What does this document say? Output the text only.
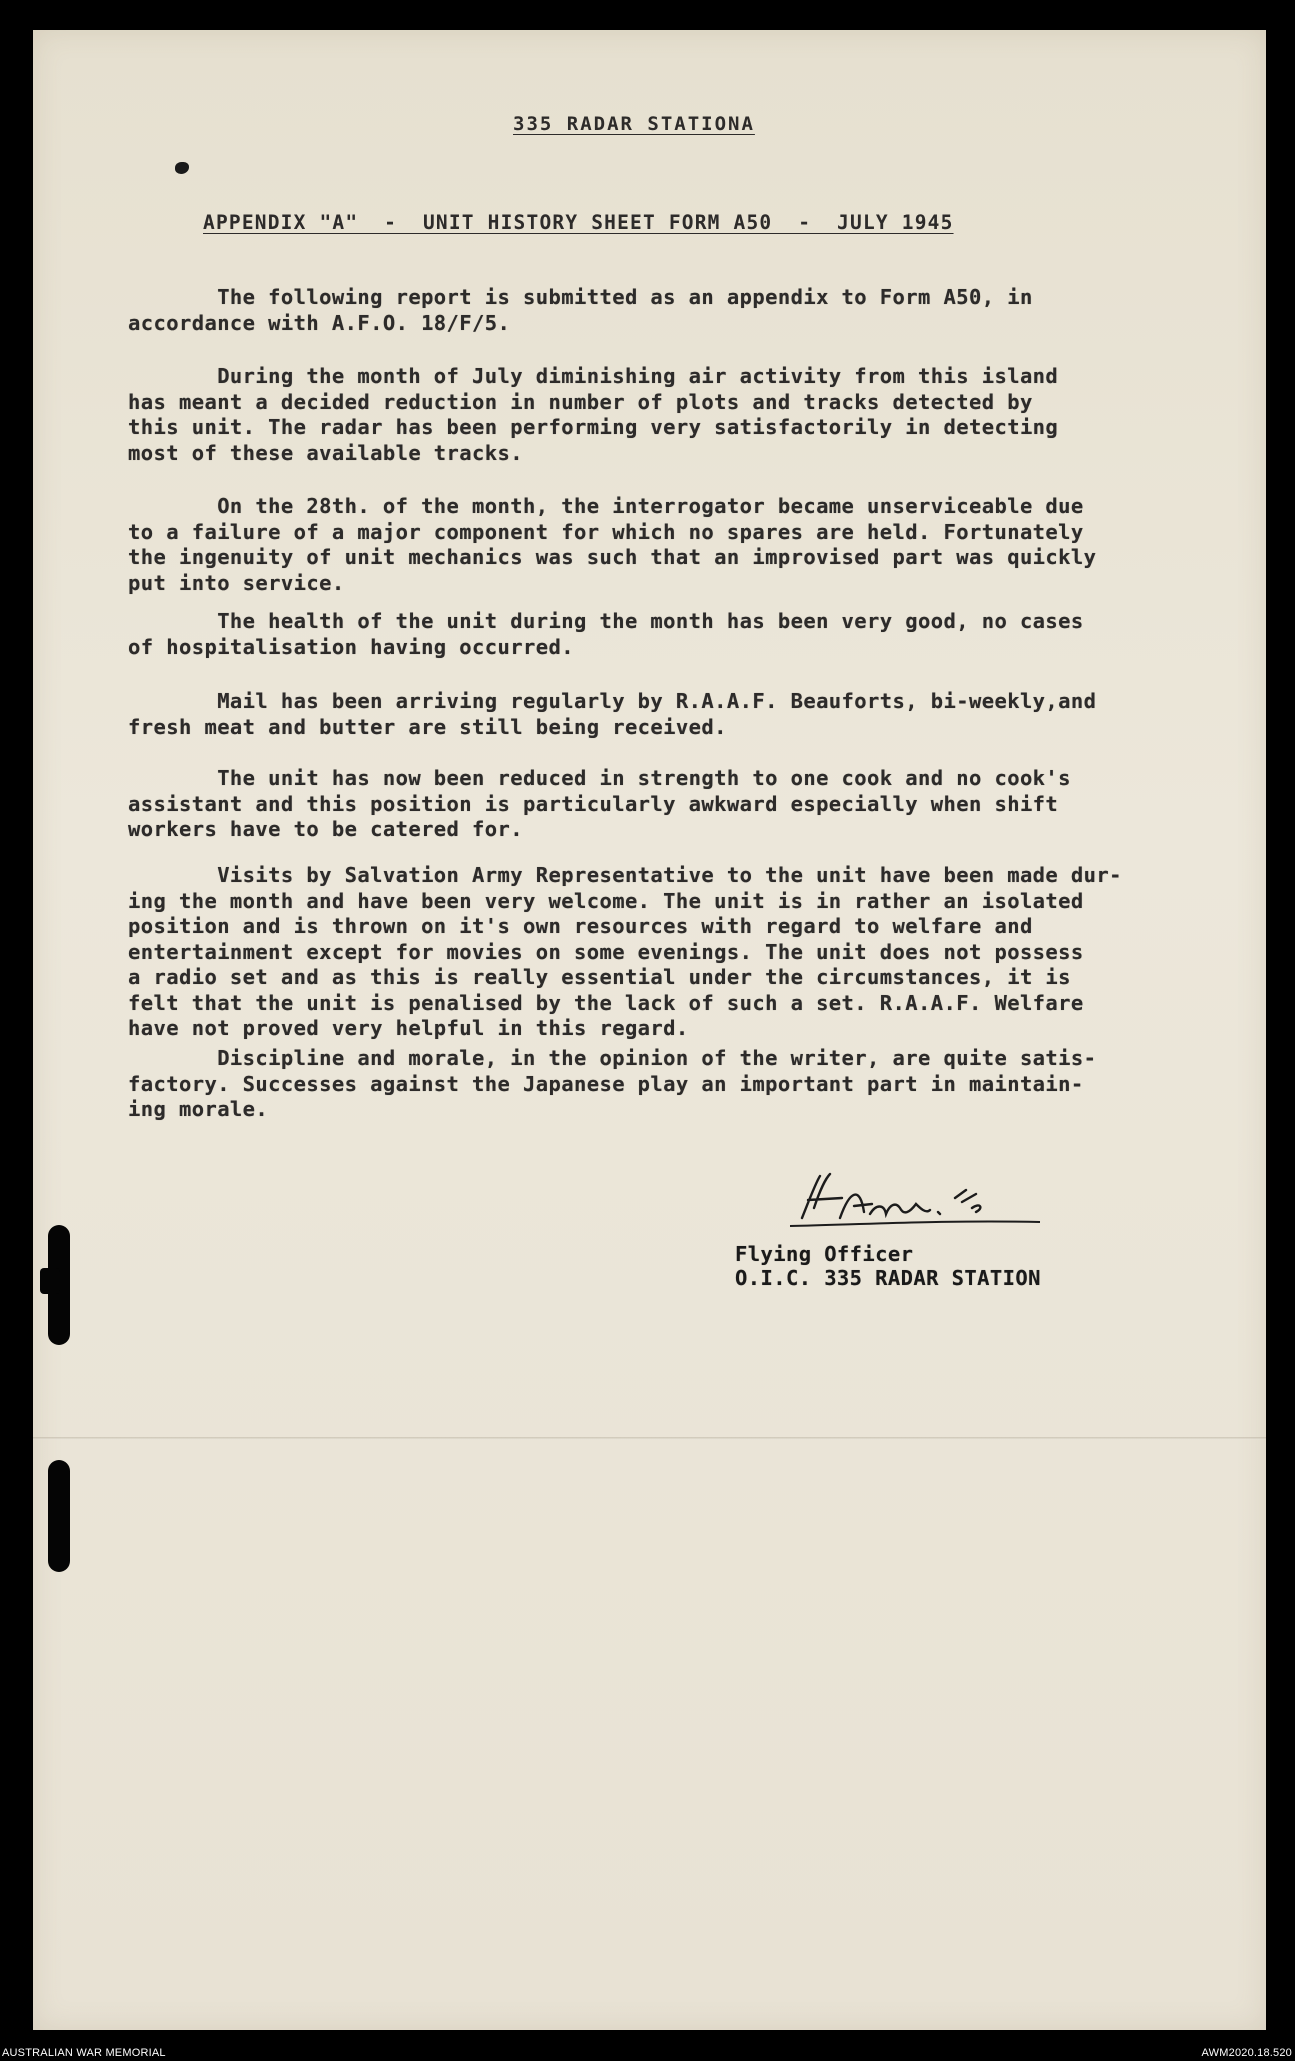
335 RADAR STATIONA
APPENDIX "A"  -  UNIT HISTORY SHEET FORM A50  -  JULY 1945
The following report is submitted as an appendix to Form A50, in
accordance with A.F.O. 18/F/5.
During the month of July diminishing air activity from this island
has meant a decided reduction in number of plots and tracks detected by
this unit. The radar has been performing very satisfactorily in detecting
most of these available tracks.
On the 28th. of the month, the interrogator became unserviceable due
to a failure of a major component for which no spares are held. Fortunately
the ingenuity of unit mechanics was such that an improvised part was quickly
put into service.
The health of the unit during the month has been very good, no cases
of hospitalisation having occurred.
Mail has been arriving regularly by R.A.A.F. Beauforts, bi-weekly,and
fresh meat and butter are still being received.
The unit has now been reduced in strength to one cook and no cook's
assistant and this position is particularly awkward especially when shift
workers have to be catered for.
Visits by Salvation Army Representative to the unit have been made dur-
ing the month and have been very welcome. The unit is in rather an isolated
position and is thrown on it's own resources with regard to welfare and
entertainment except for movies on some evenings. The unit does not possess
a radio set and as this is really essential under the circumstances, it is
felt that the unit is penalised by the lack of such a set. R.A.A.F. Welfare
have not proved very helpful in this regard.
Discipline and morale, in the opinion of the writer, are quite satis-
factory. Successes against the Japanese play an important part in maintain-
ing morale.
Flying Officer
O.I.C. 335 RADAR STATION
AUSTRALIAN WAR MEMORIAL	AWM2020.18.520
